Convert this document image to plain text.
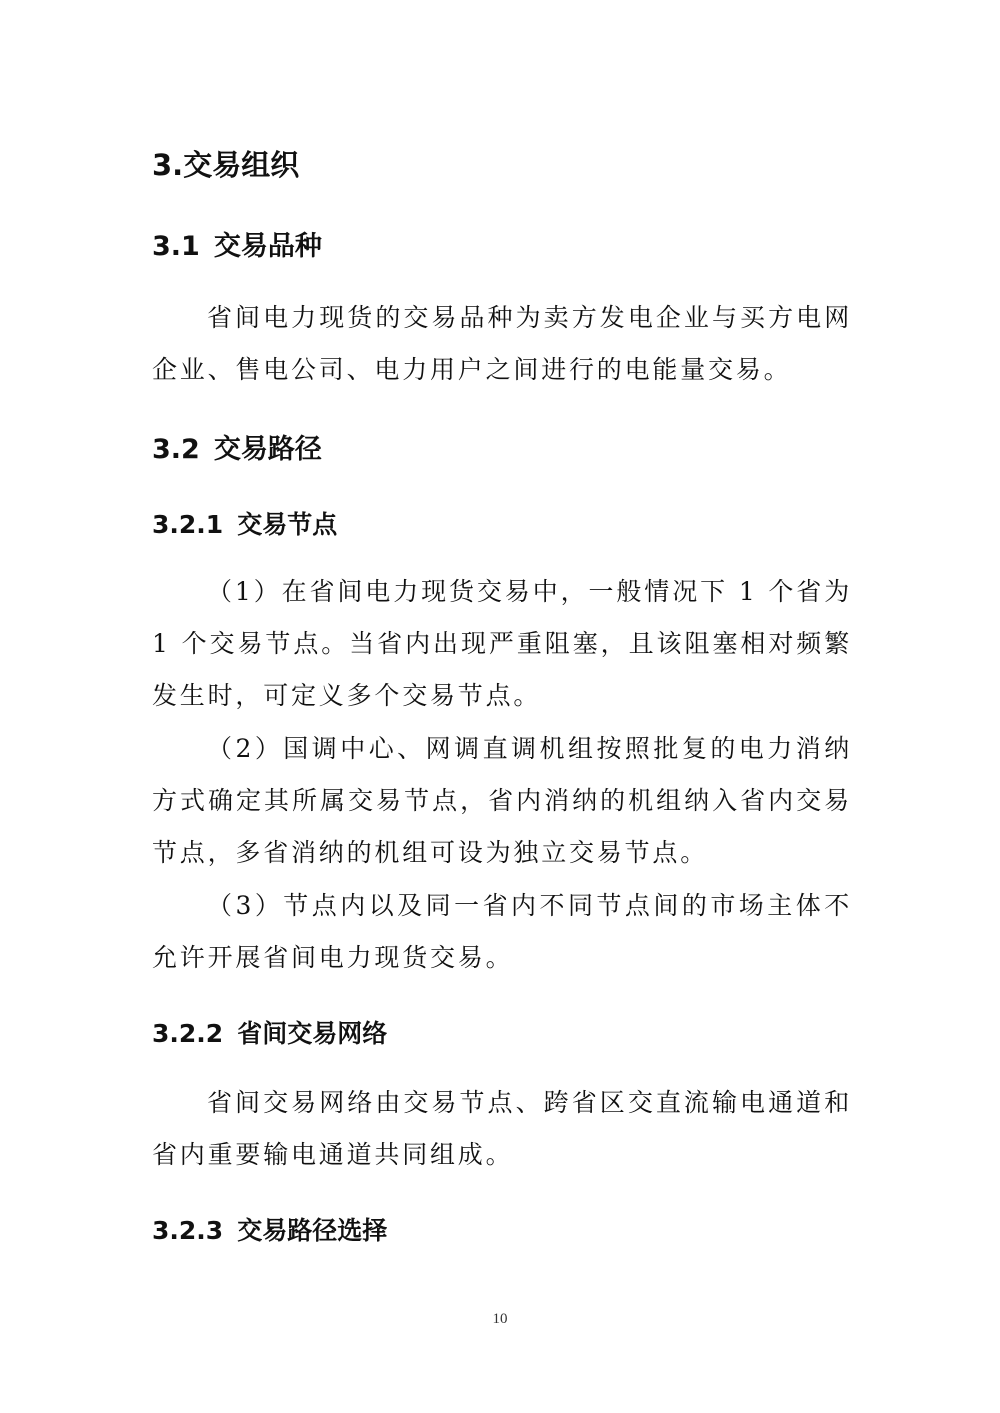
3.交易组织
3.1 交易品种

省间电力现货的交易品种为卖方发电企业与买方电网企业、售电公司、电力用户之间进行的电能量交易。

3.2 交易路径
3.2.1 交易节点

（1）在省间电力现货交易中，一般情况下 1 个省为 1 个交易节点。当省内出现严重阻塞，且该阻塞相对频繁发生时，可定义多个交易节点。

（2）国调中心、网调直调机组按照批复的电力消纳方式确定其所属交易节点，省内消纳的机组纳入省内交易节点，多省消纳的机组可设为独立交易节点。

（3）节点内以及同一省内不同节点间的市场主体不允许开展省间电力现货交易。

3.2.2 省间交易网络

省间交易网络由交易节点、跨省区交直流输电通道和省内重要输电通道共同组成。

3.2.3 交易路径选择
10
